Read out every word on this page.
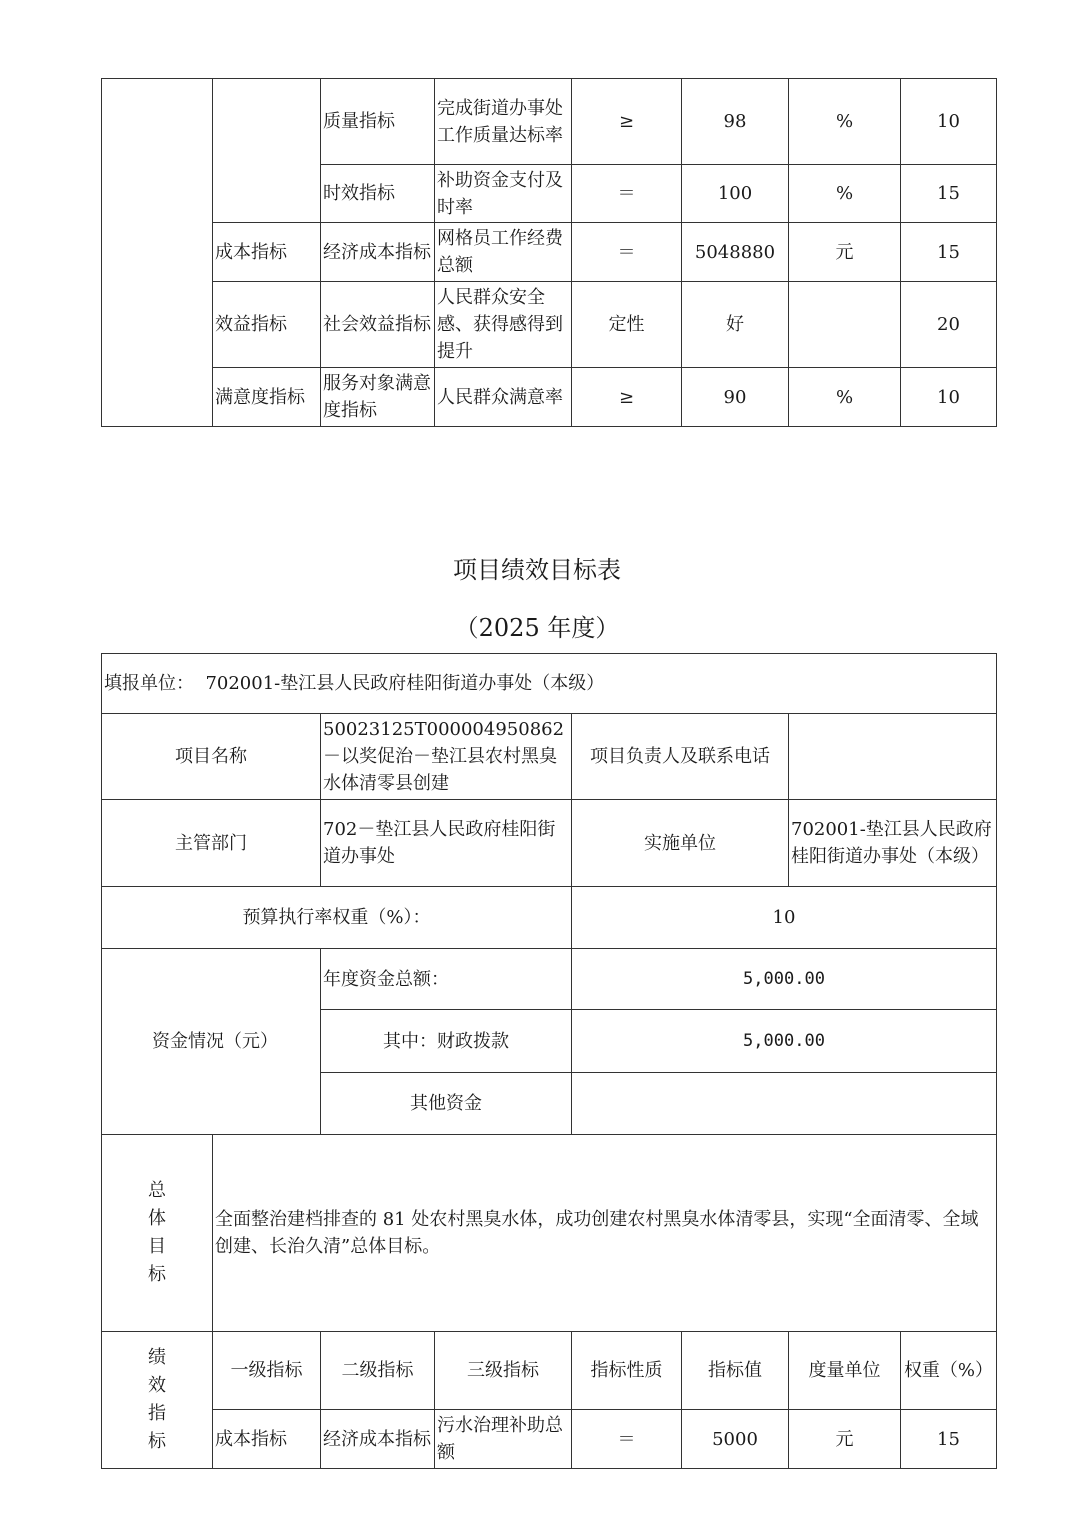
		质量指标	完成街道办事处工作质量达标率	≥	98	%	10
		时效指标	补助资金支付及时率	＝	100	%	15
	成本指标	经济成本指标	网格员工作经费总额	＝	5048880	元	15
	效益指标	社会效益指标	人民群众安全感、获得感得到提升	定性	好		20
	满意度指标	服务对象满意度指标	人民群众满意率	≥	90	%	10
项目绩效目标表
（2025 年度）
填报单位： 702001-垫江县人民政府桂阳街道办事处（本级）							
项目名称		50023125T000004950862－以奖促治－垫江县农村黑臭水体清零县创建		项目负责人及联系电话			
主管部门		702－垫江县人民政府桂阳街道办事处		实施单位		702001-垫江县人民政府桂阳街道办事处（本级）	
预算执行率权重（%）：				10			
资金情况（元）		年度资金总额：		5,000.00			
		其中：财政拨款		5,000.00			
		其他资金					
总体目标	全面整治建档排查的 81 处农村黑臭水体，成功创建农村黑臭水体清零县，实现“全面清零、全域创建、长治久清”总体目标。						
绩效指标	一级指标	二级指标	三级指标	指标性质	指标值	度量单位	权重（%）
	成本指标	经济成本指标	污水治理补助总额	＝	5000	元	15
